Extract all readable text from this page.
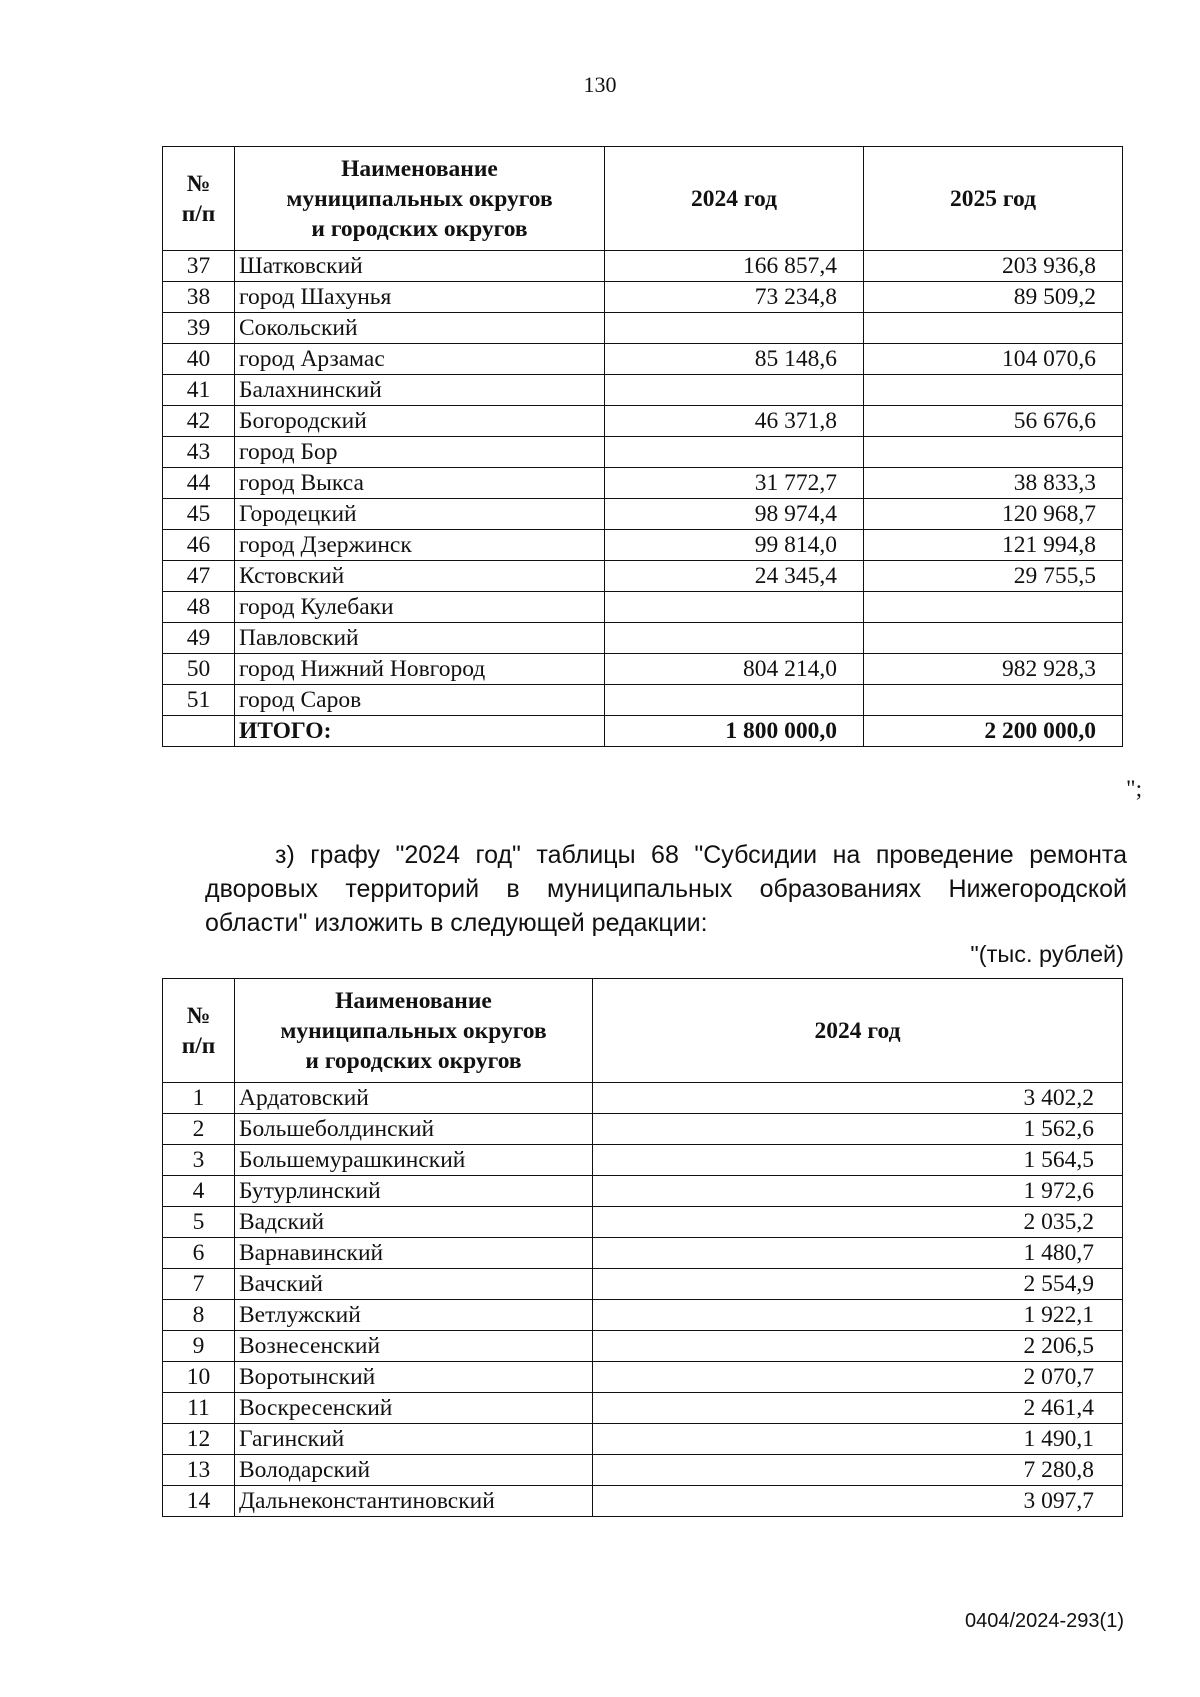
130
№
п/п	Наименование
муниципальных округов
и городских округов	2024 год	2025 год
37	Шатковский	166 857,4	203 936,8
38	город Шахунья	73 234,8	89 509,2
39	Сокольский		
40	город Арзамас	85 148,6	104 070,6
41	Балахнинский		
42	Богородский	46 371,8	56 676,6
43	город Бор		
44	город Выкса	31 772,7	38 833,3
45	Городецкий	98 974,4	120 968,7
46	город Дзержинск	99 814,0	121 994,8
47	Кстовский	24 345,4	29 755,5
48	город Кулебаки		
49	Павловский		
50	город Нижний Новгород	804 214,0	982 928,3
51	город Саров		
	ИТОГО:	1 800 000,0	2 200 000,0
";
з) графу "2024 год" таблицы 68 "Субсидии на проведение ремонта
дворовых территорий в муниципальных образованиях Нижегородской
области" изложить в следующей редакции:
"(тыс. рублей)
№
п/п	Наименование
муниципальных округов
и городских округов	2024 год
1	Ардатовский	3 402,2
2	Большеболдинский	1 562,6
3	Большемурашкинский	1 564,5
4	Бутурлинский	1 972,6
5	Вадский	2 035,2
6	Варнавинский	1 480,7
7	Вачский	2 554,9
8	Ветлужский	1 922,1
9	Вознесенский	2 206,5
10	Воротынский	2 070,7
11	Воскресенский	2 461,4
12	Гагинский	1 490,1
13	Володарский	7 280,8
14	Дальнеконстантиновский	3 097,7
0404/2024-293(1)
